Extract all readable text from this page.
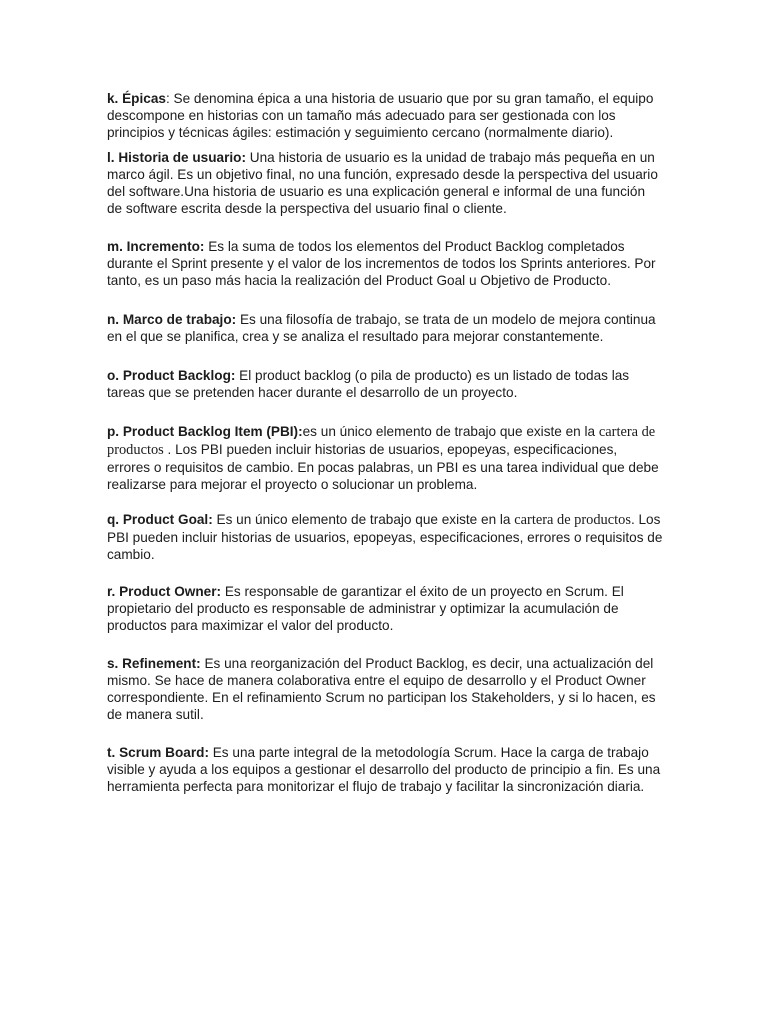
k. Épicas: Se denomina épica a una historia de usuario que por su gran tamaño, el equipo descompone en historias con un tamaño más adecuado para ser gestionada con los principios y técnicas ágiles: estimación y seguimiento cercano (normalmente diario).

l. Historia de usuario: Una historia de usuario es la unidad de trabajo más pequeña en un marco ágil. Es un objetivo final, no una función, expresado desde la perspectiva del usuario del software.Una historia de usuario es una explicación general e informal de una función de software escrita desde la perspectiva del usuario final o cliente.

m. Incremento: Es la suma de todos los elementos del Product Backlog completados durante el Sprint presente y el valor de los incrementos de todos los Sprints anteriores. Por tanto, es un paso más hacia la realización del Product Goal u Objetivo de Producto.

n. Marco de trabajo: Es una filosofía de trabajo, se trata de un modelo de mejora continua en el que se planifica, crea y se analiza el resultado para mejorar constantemente.

o. Product Backlog: El product backlog (o pila de producto) es un listado de todas las tareas que se pretenden hacer durante el desarrollo de un proyecto.

p. Product Backlog Item (PBI):es un único elemento de trabajo que existe en la cartera de productos . Los PBI pueden incluir historias de usuarios, epopeyas, especificaciones, errores o requisitos de cambio. En pocas palabras, un PBI es una tarea individual que debe realizarse para mejorar el proyecto o solucionar un problema.

q. Product Goal: Es un único elemento de trabajo que existe en la cartera de productos. Los PBI pueden incluir historias de usuarios, epopeyas, especificaciones, errores o requisitos de cambio.

r. Product Owner: Es responsable de garantizar el éxito de un proyecto en Scrum. El propietario del producto es responsable de administrar y optimizar la acumulación de productos para maximizar el valor del producto.

s. Refinement: Es una reorganización del Product Backlog, es decir, una actualización del mismo. Se hace de manera colaborativa entre el equipo de desarrollo y el Product Owner correspondiente. En el refinamiento Scrum no participan los Stakeholders, y si lo hacen, es de manera sutil.

t. Scrum Board: Es una parte integral de la metodología Scrum. Hace la carga de trabajo visible y ayuda a los equipos a gestionar el desarrollo del producto de principio a fin. Es una herramienta perfecta para monitorizar el flujo de trabajo y facilitar la sincronización diaria.
